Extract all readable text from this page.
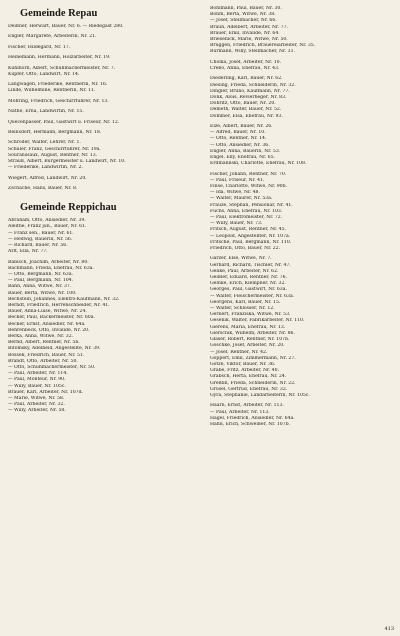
Gemeinde Repau
Deißner, Herwart, Bauer, Nr. 6. — Riedegast 280.
Engler, Margarete, Arbeiterin, Nr. 21.
Fischer, Hildegard, Nr. 17.
Heinemann, Hermann, Holzarbeiter, Nr. 19.
Kühlhorn, Albert, Schuhmachermeister, Nr. 7.
Kupfer, Otto, Landwirt, Nr. 14.
Langwagen, Friederike, Rentnerin, Nr. 16.
Linde, Wilhelmine, Rentnerin, Nr. 11.
Möhring, Friedrich, Geschirrführer, Nr. 13.
Nathe, Erna, Landwirtin, Nr. 15.
Quecenpässer, Paul, Gastwirt u. Friseur, Nr. 12.
Reinsdorf, Hermann, Bergmann, Nr. 18.
Schröder, Walter, Lehrer, Nr. 1.
Schüler, Franz, Geschirrführer, Nr. 19a.
Souranssaux, August, Rentner, Nr. 13.
Strauß, Albert, Bürgermeister u. Landwirt, Nr. 10.
— Friederike, Landwirtin, Nr. 2.
Wiegert, Alfred, Landwirt, Nr. 20.
Zschache, Hans, Bauer, Nr. 8.
Gemeinde Reppichau
Abraham, Otto, Ansiedler, Nr. 39.
Aleithe, Franz jun., Bauer, Nr. 61.
— Franz sen., Bauer, Nr. 61.
— Hedwig, Bäuerin, Nr. 56.
— Richard, Bauer, Nr. 56.
Arlt, Ella, Nr. 77.
Babisch, Joachim, Arbeiter, Nr. 80.
Bachmann, Frieda, Ehefrau, Nr. 63a.
— Otto, Bergmann, Nr. 63a.
— Paul, Bergmann, Nr. 104.
Bahn, Anna, Witwe, Nr. 37.
Bauer, Berta, Witwe, Nr. 100.
Bechstein, Johannes, Elektro-Kaufmann, Nr. 32.
Berndt, Friedrich, Herrenschneider, Nr. 41.
Bauer, Anna-Luise, Witwe, Nr. 24.
Becker, Paul, Bäckermeister, Nr. 60a.
Becker, Ernst, Ansiedler, Nr. 64a.
Behrenbeck, Otto, Invalide, Nr. 20.
Berka, Anna, Witwe, Nr. 32.
Bernd, Albert, Rentner, Nr. 5b.
Bitomsky, Adelheid, Angestellte, Nr. 39.
Bossek, Friedrich, Bauer, Nr. 51.
Brandt, Otto, Arbeiter, Nr. 50.
— Otto, Schuhmachermeister, Nr. 50.
— Paul, Arbeiter, Nr. 114.
— Paul, Monteur, Nr. 90.
— Willy, Bauer, Nr. 105c.
Brauer, Karl, Arbeiter, Nr. 107d.
— Marie, Witwe, Nr. 58.
— Paul, Arbeiter, Nr. 32.
— Willy, Arbeiter, Nr. 58.
Böhlmann, Paul, Bauer, Nr. 30.
Böhm, Berta, Witwe, Nr. 38.
— Josef, Stellmacher, Nr. 66.
Braun, Adelbert, Arbeiter, Nr. 77.
Brauer, Emil, Invalide, Nr. 64.
Briesenick, Marie, Witwe, Nr. 50.
Brüggen, Friedrich, Brauereiarbeiter, Nr. 35.
Burmann, Willy, Stellmacher, Nr. 31.
Cholka, Josef, Arbeiter, Nr. 10.
Crebo, Anna, Ehefrau, Nr. 43.
Diederling, Karl, Bauer, Nr. 62.
Diesing, Frieda, Schneiderin, Nr. 32.
Dingler, Bruno, Kaufmann, Nr. 77.
Donk, Alois, Revierheger, Nr. 83.
Dobritz, Otto, Bauer, Nr. 20.
Demeth, Walter, Bauer, Nr. 52.
Dommer, Elsa, Ehefrau, Nr. 93.
Elze, Albert, Bauer, Nr. 26.
— Alfred, Bauer, Nr. 10.
— Otto, Rentner, Nr. 14.
— Otto, Ansiedler, Nr. 36.
Engler, Anna, Bäuerin, Nr. 53.
Engel, Elly, Ehefrau, Nr. 65.
Erdmannski, Charlotte, Ehefrau, Nr. 108.
Fischer, Johann, Rentner, Nr. 70.
— Paul, Friseur, Nr. 41.
Finse, Charlotte, Witwe, Nr. 90b.
— Ida, Witwe, Nr. 48.
— Walter, Maurer, Nr. 53a.
Frauze, Stephan, Pensionär, Nr. 41.
Fuchs, Anna, Ehefrau, Nr. 103.
— Paul, Elektromeister, Nr. 72.
— Willy, Bauer, Nr. 73.
Fritsch, August, Rentner, Nr. 45.
— Leopold, Angestellter, Nr. 107a.
Fritsche, Paul, Bergmann, Nr. 110.
Friedrich, Otto, Bauer, Nr. 22.
Garzer, Else, Witwe, Nr. 7.
Gerhard, Richard, Tischler, Nr. 47.
Gelike, Paul, Arbeiter, Nr. 62.
Geißler, Eduard, Rentner, Nr. 76.
Gelhke, Erich, Klempner, Nr. 32.
Georges, Paul, Gastwirt, Nr. 63a.
— Walter, Fleischermeister, Nr. 63a.
Georgens, Karl, Bauer, Nr. 15.
— Walter, Schlosser, Nr. 12.
Gernert, Franziska, Witwe, Nr. 53.
Gesenik, Walter, Fabrikarbeiter, Nr. 110.
Gierens, Maria, Ehefrau, Nr. 13.
Gierschik, Wilhelm, Arbeiter, Nr. 86.
Gläser, Robert, Rentner, Nr. 107b.
Göschke, Josef, Arbeiter, Nr. 20.
— Josef, Rentner, Nr. 42.
Göppert, Emil, Zimmermann, Nr. 27.
Götze, Viktor, Bauer, Nr. 36.
Grabe, Fritz, Arbeiter, Nr. 40.
Grabsch, Herta, Ehefrau, Nr. 24.
Greßlin, Frieda, Schneiderin, Nr. 22.
Grusel, Gertrud, Ehefrau, Nr. 32.
Gyra, Stephanie, Landarbeiterin, Nr. 105c.
Haarn, Ernst, Arbeiter, Nr. 113.
— Paul, Arbeiter, Nr. 113.
Hagel, Friedrich, Ansiedler, Nr. 64a.
Hahn, Erich, Schweißer, Nr. 107b.
413
